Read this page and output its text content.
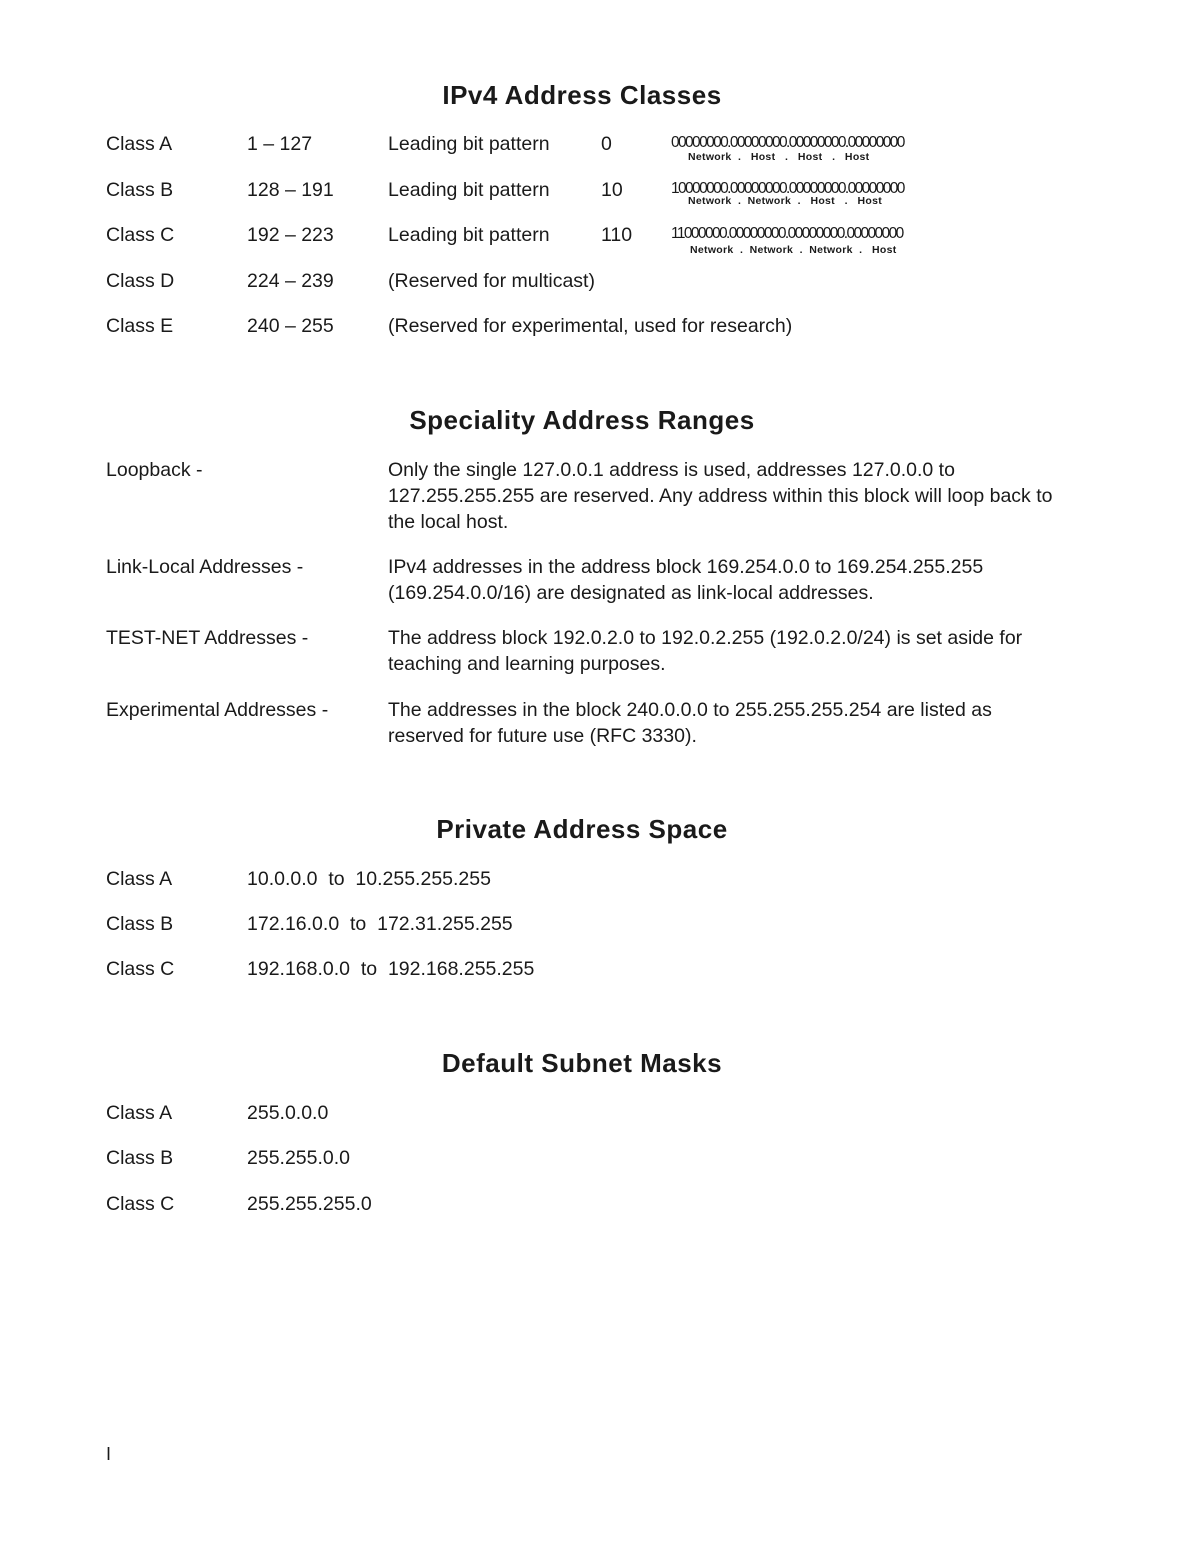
IPv4 Address Classes
Class A	1 – 127	Leading bit pattern	0	00000000.00000000.00000000.00000000
Network  .   Host   .   Host   .   Host
Class B	128 – 191	Leading bit pattern	10	10000000.00000000.00000000.00000000
Network  .  Network  .   Host   .   Host
Class C	192 – 223	Leading bit pattern	110	11000000.00000000.00000000.00000000
Network  .  Network  .  Network  .   Host
Class D	224 – 239	(Reserved for multicast)
Class E	240 – 255	(Reserved for experimental, used for research)
Speciality Address Ranges
Loopback -	Only the single 127.0.0.1 address is used, addresses 127.0.0.0 to 127.255.255.255 are reserved. Any address within this block will loop back to the local host.
Link-Local Addresses -	IPv4 addresses in the address block 169.254.0.0 to 169.254.255.255 (169.254.0.0/16) are designated as link-local addresses.
TEST-NET Addresses -	The address block 192.0.2.0 to 192.0.2.255 (192.0.2.0/24) is set aside for teaching and learning purposes.
Experimental Addresses -	The addresses in the block 240.0.0.0 to 255.255.255.254 are listed as reserved for future use (RFC 3330).
Private Address Space
Class A	10.0.0.0  to  10.255.255.255
Class B	172.16.0.0  to  172.31.255.255
Class C	192.168.0.0  to  192.168.255.255
Default Subnet Masks
Class A	255.0.0.0
Class B	255.255.0.0
Class C	255.255.255.0
I
